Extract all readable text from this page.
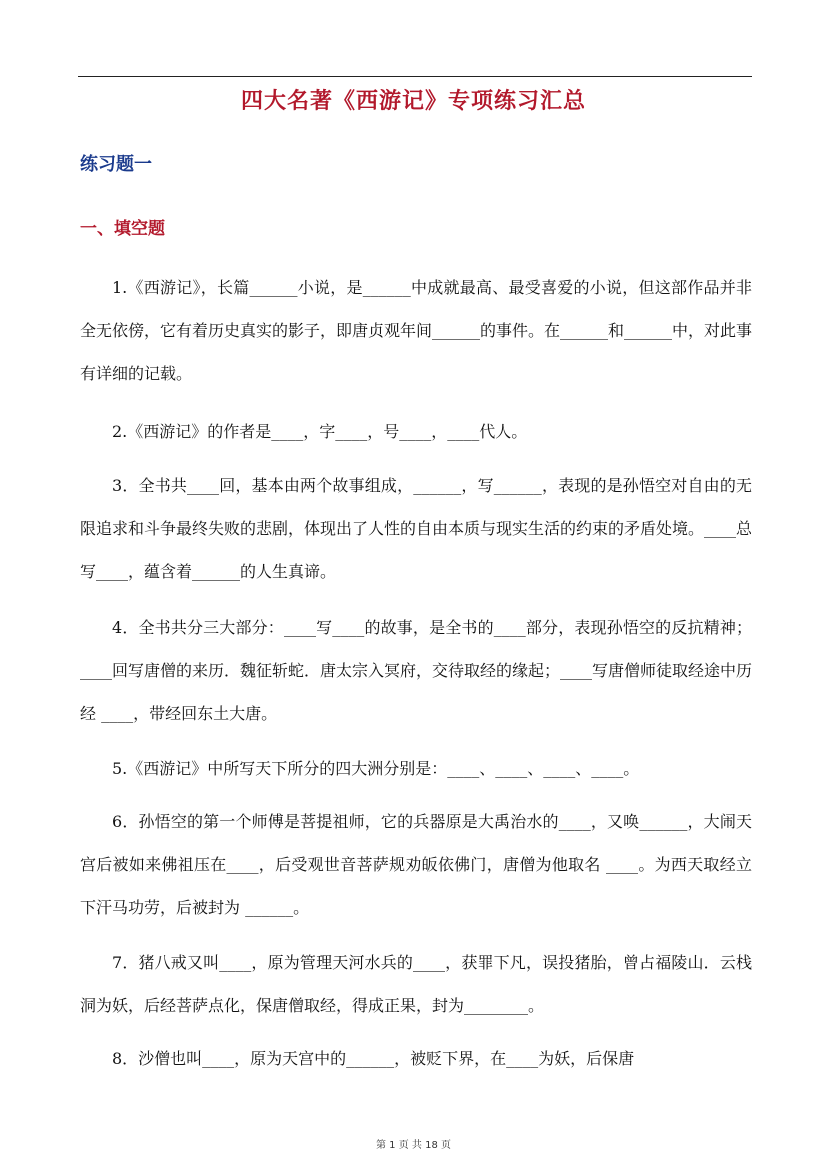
四大名著《西游记》专项练习汇总
练习题一
一、填空题

1.《西游记》，长篇______小说，是______中成就最高、最受喜爱的小说，但这部作品并非全无依傍，它有着历史真实的影子，即唐贞观年间______的事件。在______和______中，对此事有详细的记载。

2.《西游记》的作者是____，字____，号____，____代人。

3．全书共____回，基本由两个故事组成，______，写______，表现的是孙悟空对自由的无限追求和斗争最终失败的悲剧，体现出了人性的自由本质与现实生活的约束的矛盾处境。____总写____，蕴含着______的人生真谛。

4．全书共分三大部分：____写____的故事，是全书的____部分，表现孙悟空的反抗精神；____回写唐僧的来历．魏征斩蛇．唐太宗入冥府，交待取经的缘起；____写唐僧师徒取经途中历经 ____，带经回东土大唐。

5.《西游记》中所写天下所分的四大洲分别是：____、____、____、____。

6．孙悟空的第一个师傅是菩提祖师，它的兵器原是大禹治水的____，又唤______，大闹天宫后被如来佛祖压在____，后受观世音菩萨规劝皈依佛门，唐僧为他取名 ____。为西天取经立下汗马功劳，后被封为 ______。

7．猪八戒又叫____，原为管理天河水兵的____，获罪下凡，误投猪胎，曾占福陵山．云栈洞为妖，后经菩萨点化，保唐僧取经，得成正果，封为________。

8．沙僧也叫____，原为天宫中的______，被贬下界，在____为妖，后保唐

第 1 页 共 18 页
